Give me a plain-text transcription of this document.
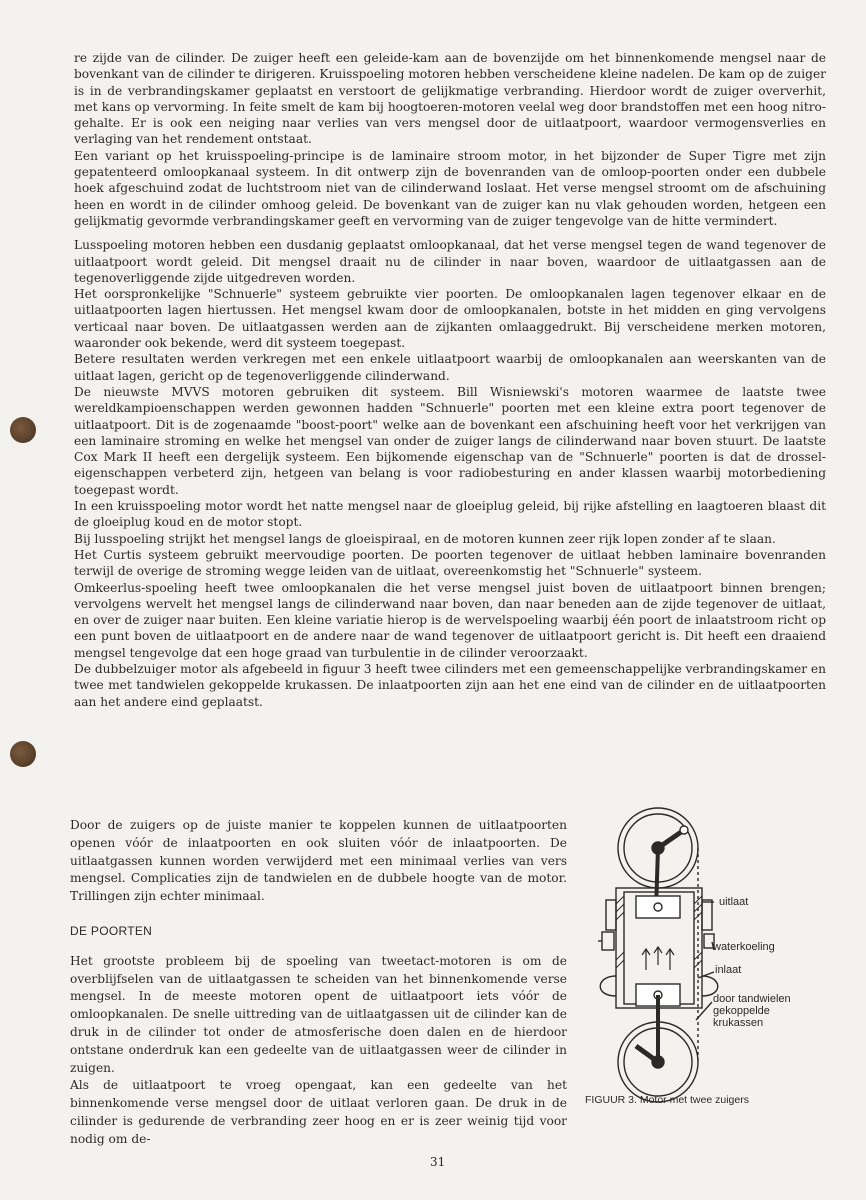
re zijde van de cilinder. De zuiger heeft een geleide-kam aan de bovenzijde om het binnenkomende mengsel naar de bovenkant van de cilinder te dirigeren. Kruisspoeling motoren hebben verscheidene kleine nadelen. De kam op de zuiger is in de verbrandingskamer geplaatst en verstoort de gelijkmatige verbranding. Hierdoor wordt de zuiger oververhit, met kans op vervorming. In feite smelt de kam bij hoogtoeren-motoren veelal weg door brandstoffen met een hoog nitro-gehalte. Er is ook een neiging naar verlies van vers mengsel door de uitlaatpoort, waardoor vermogensverlies en verlaging van het rendement ontstaat.

Een variant op het kruisspoeling-principe is de laminaire stroom motor, in het bijzonder de Super Tigre met zijn gepatenteerd omloopkanaal systeem. In dit ontwerp zijn de bovenranden van de omloop-poorten onder een dubbele hoek afgeschuind zodat de luchtstroom niet van de cilinderwand loslaat. Het verse mengsel stroomt om de afschuining heen en wordt in de cilinder omhoog geleid. De bovenkant van de zuiger kan nu vlak gehouden worden, hetgeen een gelijkmatig gevormde verbrandingskamer geeft en vervorming van de zuiger tengevolge van de hitte vermindert.

Lusspoeling motoren hebben een dusdanig geplaatst omloopkanaal, dat het verse mengsel tegen de wand tegenover de uitlaatpoort wordt geleid. Dit mengsel draait nu de cilinder in naar boven, waardoor de uitlaatgassen aan de tegenoverliggende zijde uitgedreven worden.

Het oorspronkelijke "Schnuerle" systeem gebruikte vier poorten. De omloopkanalen lagen tegenover elkaar en de uitlaatpoorten lagen hiertussen. Het mengsel kwam door de omloopkanalen, botste in het midden en ging vervolgens verticaal naar boven. De uitlaatgassen werden aan de zijkanten omlaaggedrukt. Bij verscheidene merken motoren, waaronder ook bekende, werd dit systeem toegepast.

Betere resultaten werden verkregen met een enkele uitlaatpoort waarbij de omloopkanalen aan weerskanten van de uitlaat lagen, gericht op de tegenoverliggende cilinderwand.

De nieuwste MVVS motoren gebruiken dit systeem. Bill Wisniewski's motoren waarmee de laatste twee wereldkampioenschappen werden gewonnen hadden "Schnuerle" poorten met een kleine extra poort tegenover de uitlaatpoort. Dit is de zogenaamde "boost-poort" welke aan de bovenkant een afschuining heeft voor het verkrijgen van een laminaire stroming en welke het mengsel van onder de zuiger langs de cilinderwand naar boven stuurt. De laatste Cox Mark II heeft een dergelijk systeem. Een bijkomende eigenschap van de "Schnuerle" poorten is dat de drossel-eigenschappen verbeterd zijn, hetgeen van belang is voor radiobesturing en ander klassen waarbij motorbediening toegepast wordt.

In een kruisspoeling motor wordt het natte mengsel naar de gloeiplug geleid, bij rijke afstelling en laagtoeren blaast dit de gloeiplug koud en de motor stopt.

Bij lusspoeling strijkt het mengsel langs de gloeispiraal, en de motoren kunnen zeer rijk lopen zonder af te slaan.

Het Curtis systeem gebruikt meervoudige poorten. De poorten tegenover de uitlaat hebben laminaire bovenranden terwijl de overige de stroming wegge leiden van de uitlaat, overeenkomstig het "Schnuerle" systeem.

Omkeerlus-spoeling heeft twee omloopkanalen die het verse mengsel juist boven de uitlaatpoort binnen brengen; vervolgens wervelt het mengsel langs de cilinderwand naar boven, dan naar beneden aan de zijde tegenover de uitlaat, en over de zuiger naar buiten. Een kleine variatie hierop is de wervelspoeling waarbij één poort de inlaatstroom richt op een punt boven de uitlaatpoort en de andere naar de wand tegenover de uitlaatpoort gericht is. Dit heeft een draaiend mengsel tengevolge dat een hoge graad van turbulentie in de cilinder veroorzaakt.

De dubbelzuiger motor als afgebeeld in figuur 3 heeft twee cilinders met een gemeenschappelijke verbrandingskamer en twee met tandwielen gekoppelde krukassen. De inlaatpoorten zijn aan het ene eind van de cilinder en de uitlaatpoorten aan het andere eind geplaatst.

Door de zuigers op de juiste manier te koppelen kunnen de uitlaatpoorten openen vóór de inlaatpoorten en ook sluiten vóór de inlaatpoorten. De uitlaatgassen kunnen worden verwijderd met een minimaal verlies van vers mengsel. Complicaties zijn de tandwielen en de dubbele hoogte van de motor. Trillingen zijn echter minimaal.

DE POORTEN

Het grootste probleem bij de spoeling van tweetact-motoren is om de overblijfselen van de uitlaatgassen te scheiden van het binnenkomende verse mengsel. In de meeste motoren opent de uitlaatpoort iets vóór de omloopkanalen. De snelle uittreding van de uitlaatgassen uit de cilinder kan de druk in de cilinder tot onder de atmosferische doen dalen en de hierdoor ontstane onderdruk kan een gedeelte van de uitlaatgassen weer de cilinder in zuigen.

Als de uitlaatpoort te vroeg opengaat, kan een gedeelte van het binnenkomende verse mengsel door de uitlaat verloren gaan. De druk in de cilinder is gedurende de verbranding zeer hoog en er is zeer weinig tijd voor nodig om de-

uitlaat
waterkoeling
inlaat
door tandwielen gekoppelde krukassen
FIGUUR 3. Motor met twee zuigers
31
